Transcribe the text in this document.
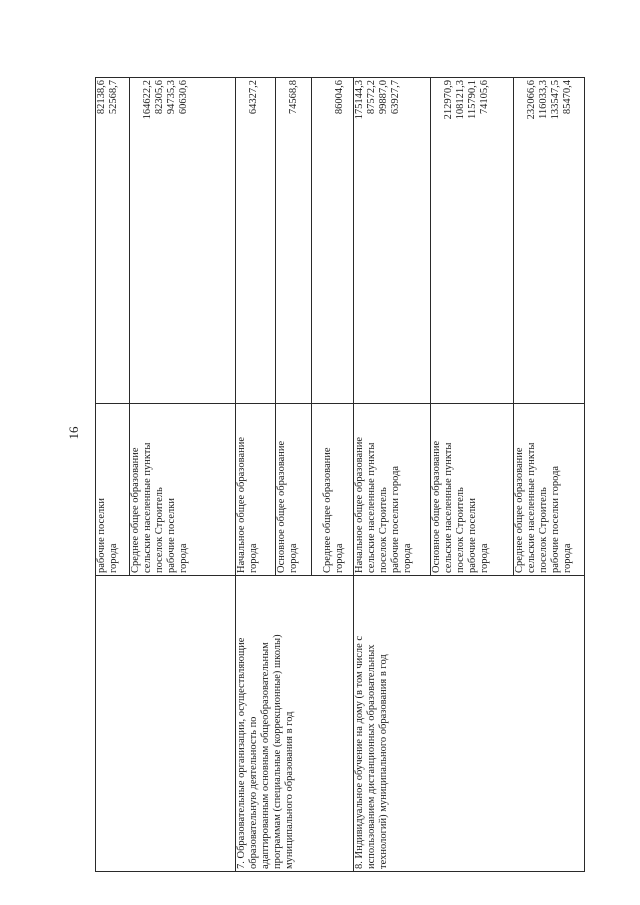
16

	рабочие поселки города	82138,6 52568,7

	Среднее общее образование сельские населенные пункты поселок Строитель рабочие поселки города	164622,2 82305,6 94735,3 60630,6

7. Образовательные организации, осуществляющие образовательную деятельность по адаптированным основным общеобразовательным программам (специальные (коррекционные) школы) муниципального образования в год	Начальное общее образование города	64327,2

	Основное общее образование города	74568,8

	Среднее общее образование города	86004,6

8. Индивидуальное обучение на дому (в том числе с использованием дистанционных образовательных технологий) муниципального образования в год	Начальное общее образование сельские населенные пункты поселок Строитель рабочие поселки города города	175144,3 87572,2 99887,0 63927,7

	Основное общее образование сельские населенные пункты поселок Строитель рабочие поселки города	212970,9 108121,3 115790,1 74105,6

	Среднее общее образование сельские населенные пункты поселок Строитель рабочие поселки города города	232066,6 116033,3 133547,5 85470,4
